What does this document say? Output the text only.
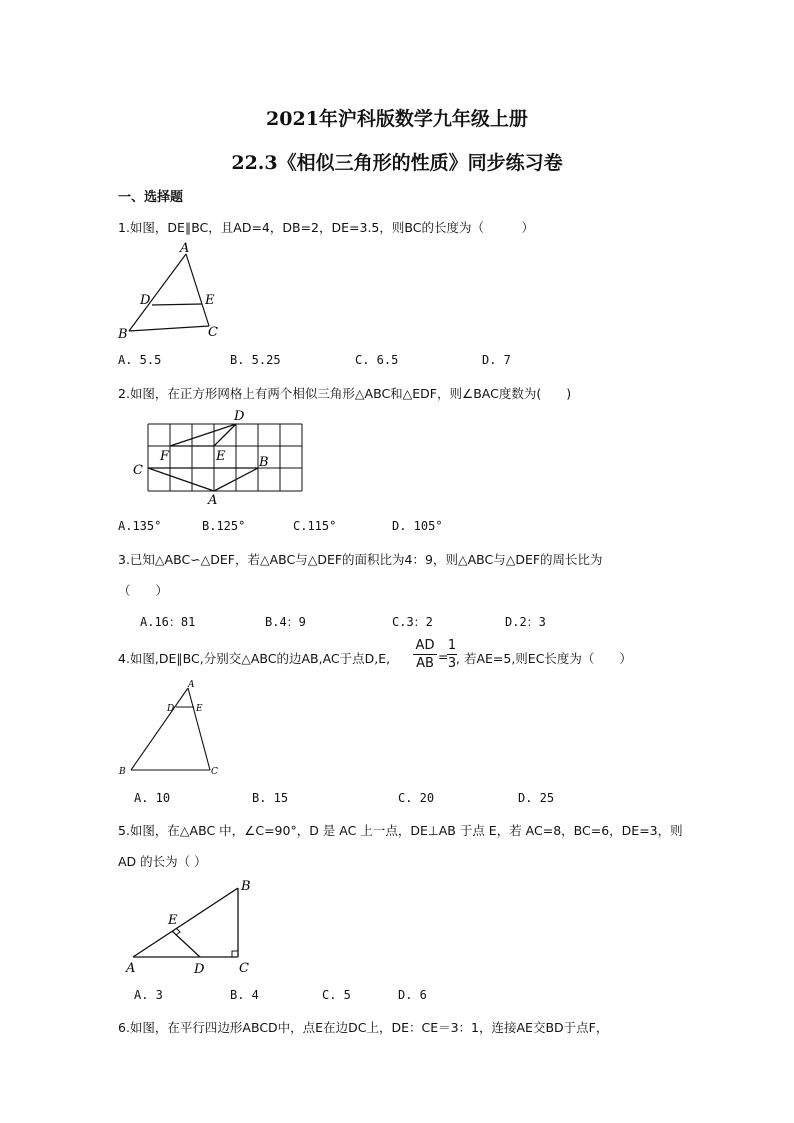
2021年沪科版数学九年级上册
22.3《相似三角形的性质》同步练习卷
一、选择题
1.如图，DE∥BC，且AD=4，DB=2，DE=3.5，则BC的长度为（　　　）
A
D	E
B	C
A. 5.5	B. 5.25	C. 6.5	D. 7
2.如图，在正方形网格上有两个相似三角形△ABC和△EDF，则∠BAC度数为(　　)
D
F	E	B
C
A
A.135°	B.125°	C.115°	D. 105°
3.已知△ABC∽△DEF，若△ABC与△DEF的面积比为4：9，则△ABC与△DEF的周长比为
（　　）
A.16：81	B.4：9	C.3：2	D.2：3
4.如图,DE∥BC,分别交△ABC的边AB,AC于点D,E,
AD
AB =
1
3 , 若AE=5,则EC长度为（　　）
A
D E
B	C
A. 10	B. 15	C. 20	D. 25
5.如图，在△ABC 中，∠C=90°，D 是 AC 上一点，DE⊥AB 于点 E，若 AC=8，BC=6，DE=3，则
AD 的长为（ ）
B
E
A	D	C
A. 3	B. 4	C. 5	D. 6
6.如图，在平行四边形ABCD中，点E在边DC上，DE：CE＝3：1，连接AE交BD于点F，
